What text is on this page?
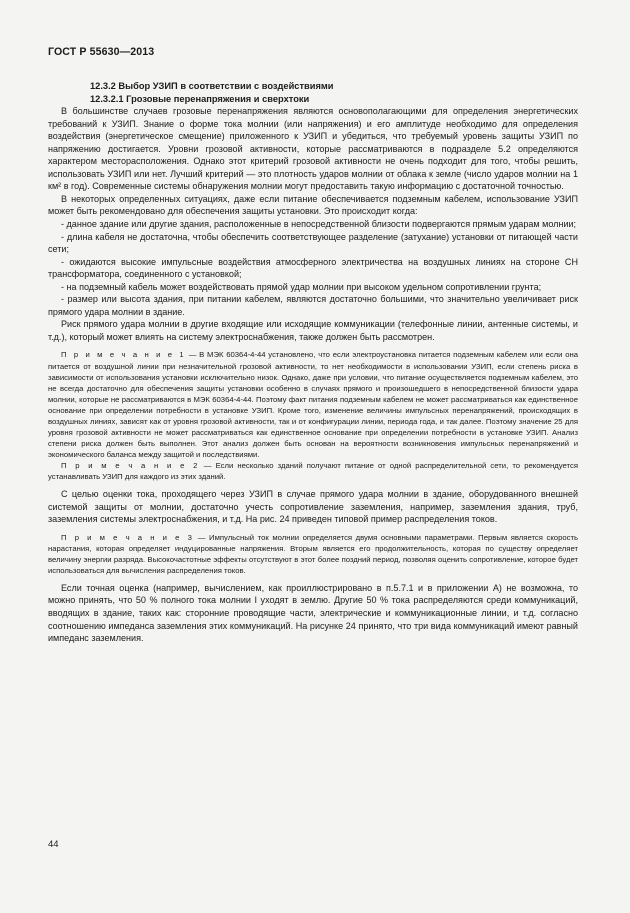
ГОСТ Р 55630—2013

12.3.2 Выбор УЗИП в соответствии с воздействиями

12.3.2.1 Грозовые перенапряжения и сверхтоки

В большинстве случаев грозовые перенапряжения являются основополагающими для определения энергетических требований к УЗИП. Знание о форме тока молнии (или напряжения) и его амплитуде необходимо для определения воздействия (энергетическое смещение) приложенного к УЗИП и убедиться, что требуемый уровень защиты УЗИП по напряжению достигается. Уровни грозовой активности, которые рассматриваются в подразделе 5.2 определяются характером месторасположения. Однако этот критерий грозовой активности не очень подходит для того, чтобы решить, использовать УЗИП или нет. Лучший критерий — это плотность ударов молнии от облака к земле (число ударов молнии на 1 км² в год). Современные системы обнаружения молнии могут предоставить такую информацию с достаточной точностью.

В некоторых определенных ситуациях, даже если питание обеспечивается подземным кабелем, использование УЗИП может быть рекомендовано для обеспечения защиты установки. Это происходит когда:

- данное здание или другие здания, расположенные в непосредственной близости подвергаются прямым ударам молнии;

- длина кабеля не достаточна, чтобы обеспечить соответствующее разделение (затухание) установки от питающей части сети;

- ожидаются высокие импульсные воздействия атмосферного электричества на воздушных линиях на стороне СН трансформатора, соединенного с установкой;

- на подземный кабель может воздействовать прямой удар молнии при высоком удельном сопротивлении грунта;

- размер или высота здания, при питании кабелем, являются достаточно большими, что значительно увеличивает риск прямого удара молнии в здание.

Риск прямого удара молнии в другие входящие или исходящие коммуникации (телефонные линии, антенные системы, и т.д.), который может влиять на систему электроснабжения, также должен быть рассмотрен.

П р и м е ч а н и е 1 — В МЭК 60364-4-44 установлено, что если электроустановка питается подземным кабелем или если она питается от воздушной линии при незначительной грозовой активности, то нет необходимости в использовании УЗИП, если степень риска в зависимости от использования установки исключительно низок. Однако, даже при условии, что питание осуществляется подземным кабелем, это не всегда достаточно для обеспечения защиты установки особенно в случаях прямого и произошедшего в непосредственной близости удара молнии, которые не рассматриваются в МЭК 60364-4-44. Поэтому факт питания подземным кабелем не может рассматриваться как единственное основание при определении потребности в установке УЗИП. Кроме того, изменение величины импульсных перенапряжений, происходящих в воздушных линиях, зависят как от уровня грозовой активности, так и от конфигурации линии, периода года, и так далее. Поэтому значение 25 для уровня грозовой активности не может рассматриваться как единственное основание при определении потребности в установке УЗИП. Анализ степени риска должен быть выполнен. Этот анализ должен быть основан на вероятности возникновения импульсных перенапряжений и экономического баланса между защитой и последствиями.

П р и м е ч а н и е 2 — Если несколько зданий получают питание от одной распределительной сети, то рекомендуется устанавливать УЗИП для каждого из этих зданий.

С целью оценки тока, проходящего через УЗИП в случае прямого удара молнии в здание, оборудованного внешней системой защиты от молнии, достаточно учесть сопротивление заземления, например, заземления здания, труб, заземления системы электроснабжения, и т.д. На рис. 24 приведен типовой пример распределения токов.

П р и м е ч а н и е 3 — Импульсный ток молнии определяется двумя основными параметрами. Первым является скорость нарастания, которая определяет индуцированные напряжения. Вторым является его продолжительность, которая по существу определяет величину энергии разряда. Высокочастотные эффекты отсутствуют в этот более поздний период, позволяя оценить сопротивление, которое будет использоваться для вычисления распределения токов.

Если точная оценка (например, вычислением, как проиллюстрировано в п.5.7.1 и в приложении А) не возможна, то можно принять, что 50 % полного тока молнии I уходят в землю. Другие 50 % тока распределяются среди коммуникаций, вводящих в здание, таких как: сторонние проводящие части, электрические и коммуникационные линии, и т.д. согласно соотношению импеданса заземления этих коммуникаций. На рисунке 24 принято, что три вида коммуникаций имеют равный импеданс заземления.

44
